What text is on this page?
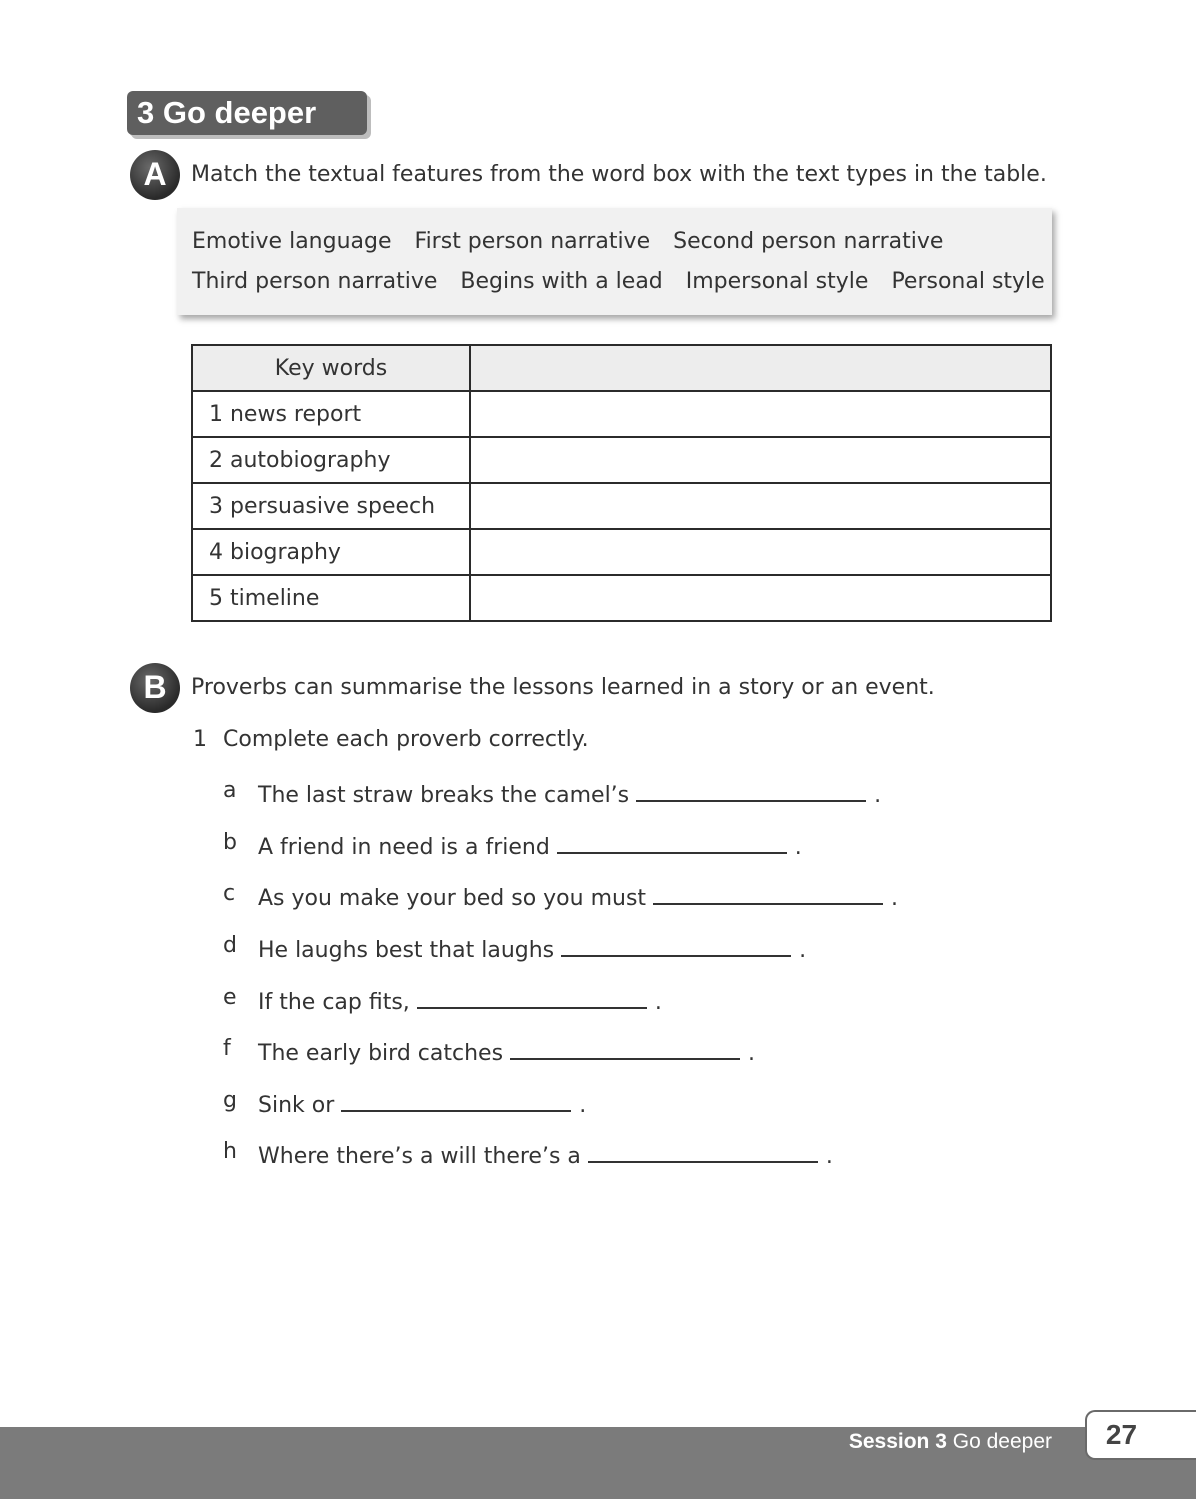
3 Go deeper
A	Match the textual features from the word box with the text types in the table.
Emotive language First person narrative Second person narrative
Third person narrative Begins with a lead Impersonal style Personal style
Key words	
1 news report	
2 autobiography	
3 persuasive speech	
4 biography	
5 timeline	
B	Proverbs can summarise the lessons learned in a story or an event.
1 Complete each proverb correctly.
a The last straw breaks the camel’s	.
b A friend in need is a friend	.
c As you make your bed so you must	.
d He laughs best that laughs	.
e If the cap fits,	.
f The early bird catches	.
g Sink or	.
h Where there’s a will there’s a	.
Session 3 Go deeper	27
